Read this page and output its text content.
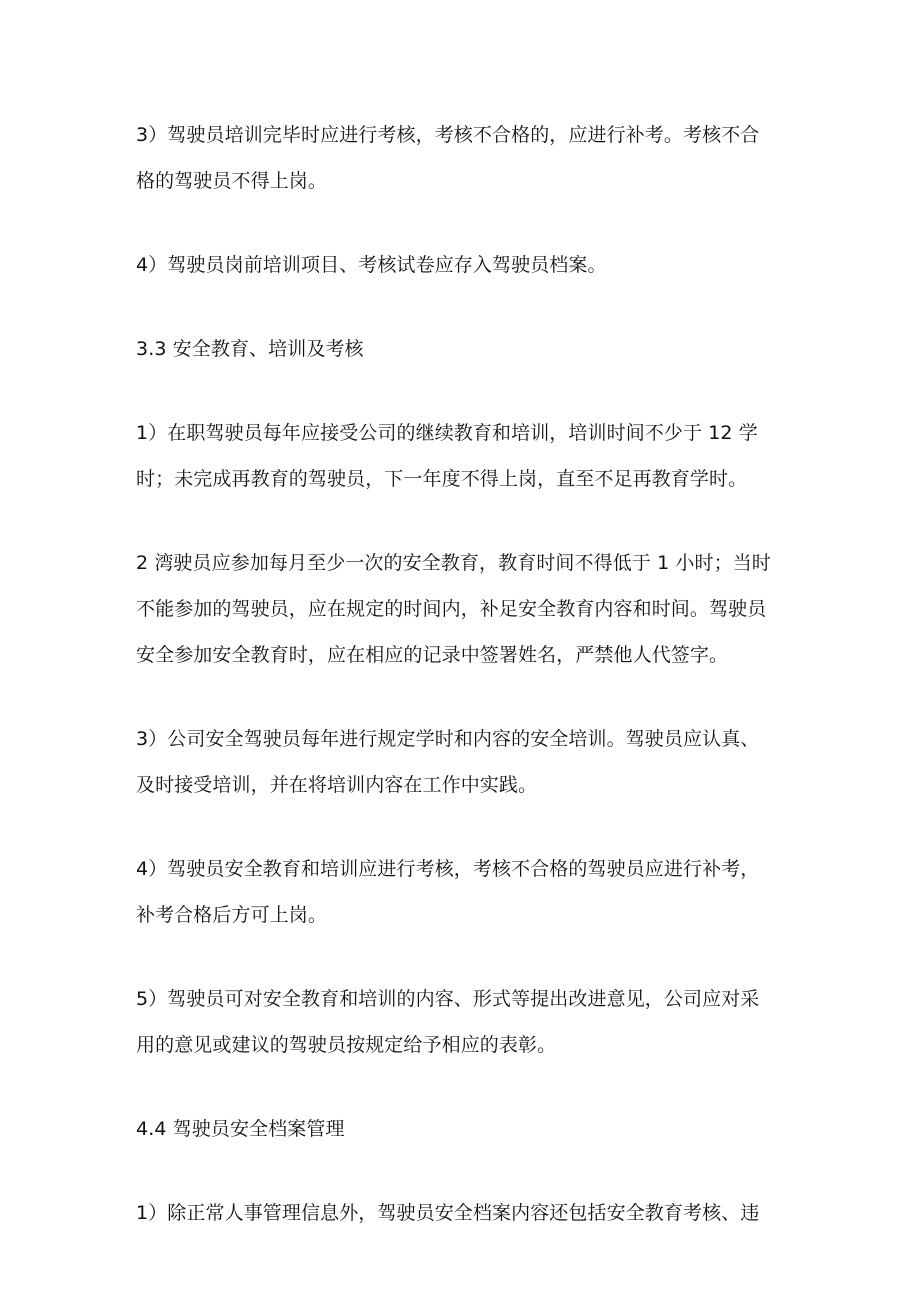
3）驾驶员培训完毕时应进行考核，考核不合格的，应进行补考。考核不合
格的驾驶员不得上岗。
4）驾驶员岗前培训项目、考核试卷应存入驾驶员档案。
3.3 安全教育、培训及考核
1）在职驾驶员每年应接受公司的继续教育和培训，培训时间不少于 12 学
时；未完成再教育的驾驶员，下一年度不得上岗，直至不足再教育学时。
2 湾驶员应参加每月至少一次的安全教育，教育时间不得低于 1 小时；当时
不能参加的驾驶员，应在规定的时间内，补足安全教育内容和时间。驾驶员
安全参加安全教育时，应在相应的记录中签署姓名，严禁他人代签字。
3）公司安全驾驶员每年进行规定学时和内容的安全培训。驾驶员应认真、
及时接受培训，并在将培训内容在工作中实践。
4）驾驶员安全教育和培训应进行考核，考核不合格的驾驶员应进行补考，
补考合格后方可上岗。
5）驾驶员可对安全教育和培训的内容、形式等提出改进意见，公司应对采
用的意见或建议的驾驶员按规定给予相应的表彰。
4.4 驾驶员安全档案管理
1）除正常人事管理信息外，驾驶员安全档案内容还包括安全教育考核、违
